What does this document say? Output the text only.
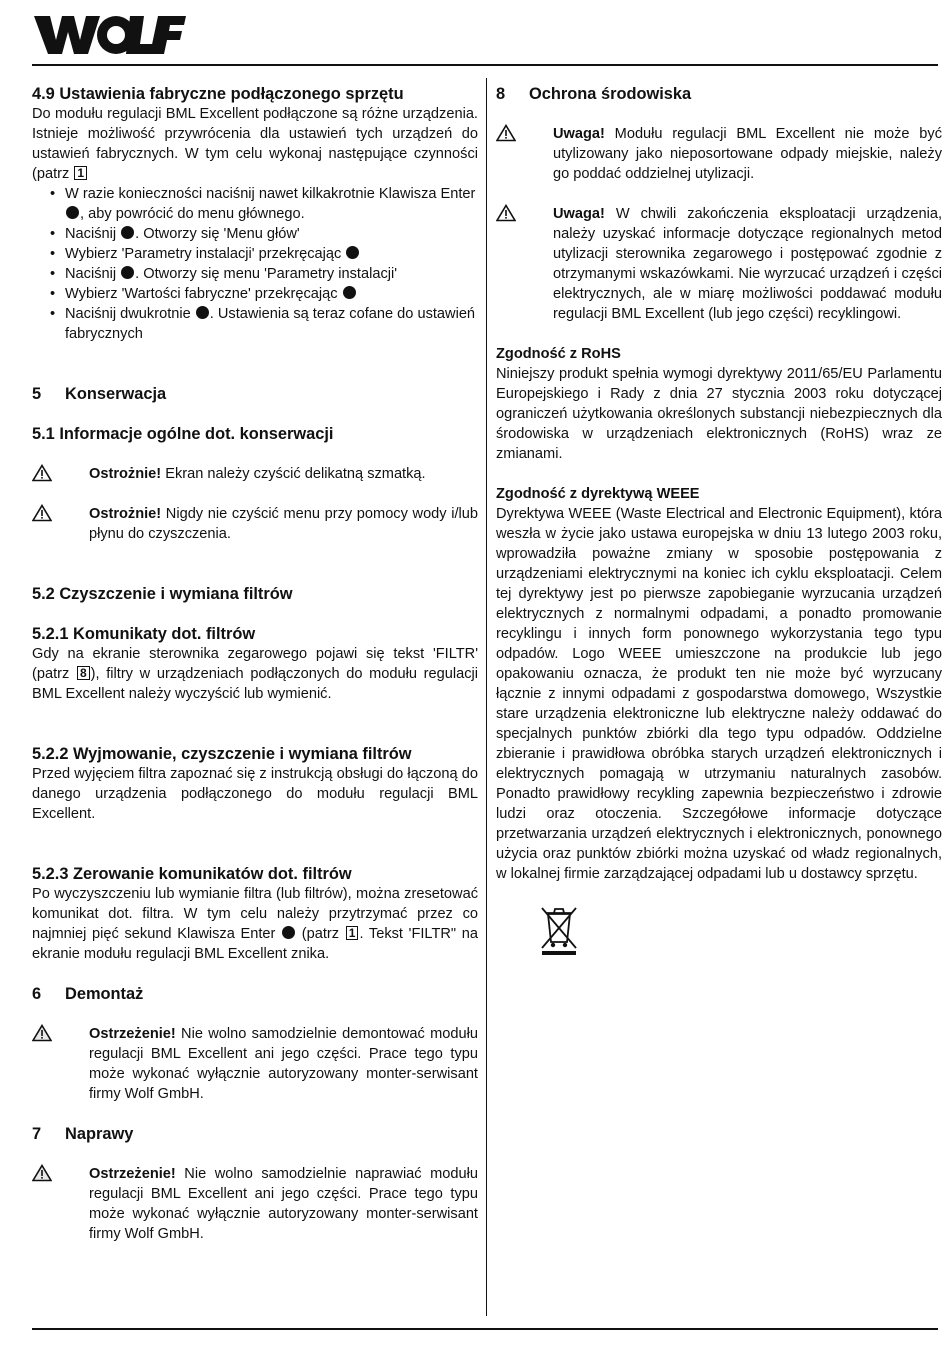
4.9 Ustawienia fabryczne podłączonego sprzętu

Do modułu regulacji BML Excellent podłączone są różne urządzenia. Istnieje możliwość przywrócenia dla ustawień tych urządzeń do ustawień fabrycznych. W tym celu wykonaj następujące czynności (patrz 1

• W razie konieczności naciśnij nawet kilkakrotnie Klawisza Enter , aby powrócić do menu głównego.
• Naciśnij . Otworzy się 'Menu głów'
• Wybierz 'Parametry instalacji' przekręcając
• Naciśnij . Otworzy się menu 'Parametry instalacji'
• Wybierz 'Wartości fabryczne' przekręcając
• Naciśnij dwukrotnie . Ustawienia są teraz cofane do ustawień fabrycznych
5 Konserwacja
5.1 Informacje ogólne dot. konserwacji

Ostrożnie! Ekran należy czyścić delikatną szmatką.

Ostrożnie! Nigdy nie czyścić menu przy pomocy wody i/lub płynu do czyszczenia.

5.2 Czyszczenie i wymiana filtrów
5.2.1 Komunikaty dot. filtrów

Gdy na ekranie sterownika zegarowego pojawi się tekst 'FILTR' (patrz 8 ), filtry w urządzeniach podłączonych do modułu regulacji BML Excellent należy wyczyścić lub wymienić.

5.2.2 Wyjmowanie, czyszczenie i wymiana filtrów

Przed wyjęciem filtra zapoznać się z instrukcją obsługi do łączoną do danego urządzenia podłączonego do modułu regulacji BML Excellent.

5.2.3 Zerowanie komunikatów dot. filtrów

Po wyczyszczeniu lub wymianie filtra (lub filtrów), można zresetować komunikat dot. filtra. W tym celu należy przytrzymać przez co najmniej pięć sekund Klawisza Enter  (patrz 1 . Tekst 'FILTR" na ekranie modułu regulacji BML Excellent znika.

6 Demontaż

Ostrzeżenie! Nie wolno samodzielnie demontować modułu regulacji BML Excellent ani jego części. Prace tego typu może wykonać wyłącznie autoryzowany monter-serwisant firmy Wolf GmbH.

7 Naprawy

Ostrzeżenie! Nie wolno samodzielnie naprawiać modułu regulacji BML Excellent ani jego części. Prace tego typu może wykonać wyłącznie autoryzowany monter-serwisant firmy Wolf GmbH.

8 Ochrona środowiska

Uwaga! Modułu regulacji BML Excellent nie może być utylizowany jako nieposortowane odpady miejskie, należy go poddać oddzielnej utylizacji.

Uwaga! W chwili zakończenia eksploatacji urządzenia, należy uzyskać informacje dotyczące regionalnych metod utylizacji sterownika zegarowego i postępować zgodnie z otrzymanymi wskazówkami. Nie wyrzucać urządzeń i części elektrycznych, ale w miarę możliwości poddawać modułu regulacji BML Excellent (lub jego części) recyklingowi.

Zgodność z RoHS

Niniejszy produkt spełnia wymogi dyrektywy 2011/65/EU Parlamentu Europejskiego i Rady z dnia 27 stycznia 2003 roku dotyczącej ograniczeń użytkowania określonych substancji niebezpiecznych dla środowiska w urządzeniach elektronicznych (RoHS) wraz ze zmianami.

Zgodność z dyrektywą WEEE

Dyrektywa WEEE (Waste Electrical and Electronic Equipment), która weszła w życie jako ustawa europejska w dniu 13 lutego 2003 roku, wprowadziła poważne zmiany w sposobie postępowania z urządzeniami elektrycznymi na koniec ich cyklu eksploatacji. Celem tej dyrektywy jest po pierwsze zapobieganie wyrzucania urządzeń elektrycznych z normalnymi odpadami, a ponadto promowanie recyklingu i innych form ponownego wykorzystania tego typu odpadów. Logo WEEE umieszczone na produkcie lub jego opakowaniu oznacza, że produkt ten nie może być wyrzucany łącznie z innymi odpadami z gospodarstwa domowego, Wszystkie stare urządzenia elektroniczne lub elektryczne należy oddawać do specjalnych punktów zbiórki dla tego typu odpadów. Oddzielne zbieranie i prawidłowa obróbka starych urządzeń elektronicznych i elektrycznych pomagają w utrzymaniu naturalnych zasobów. Ponadto prawidłowy recykling zapewnia bezpieczeństwo i zdrowie ludzi oraz otoczenia. Szczegółowe informacje dotyczące przetwarzania urządzeń elektrycznych i elektronicznych, ponownego użycia oraz punktów zbiórki można uzyskać od władz regionalnych, w lokalnej firmie zarządzającej odpadami lub u dostawcy sprzętu.
